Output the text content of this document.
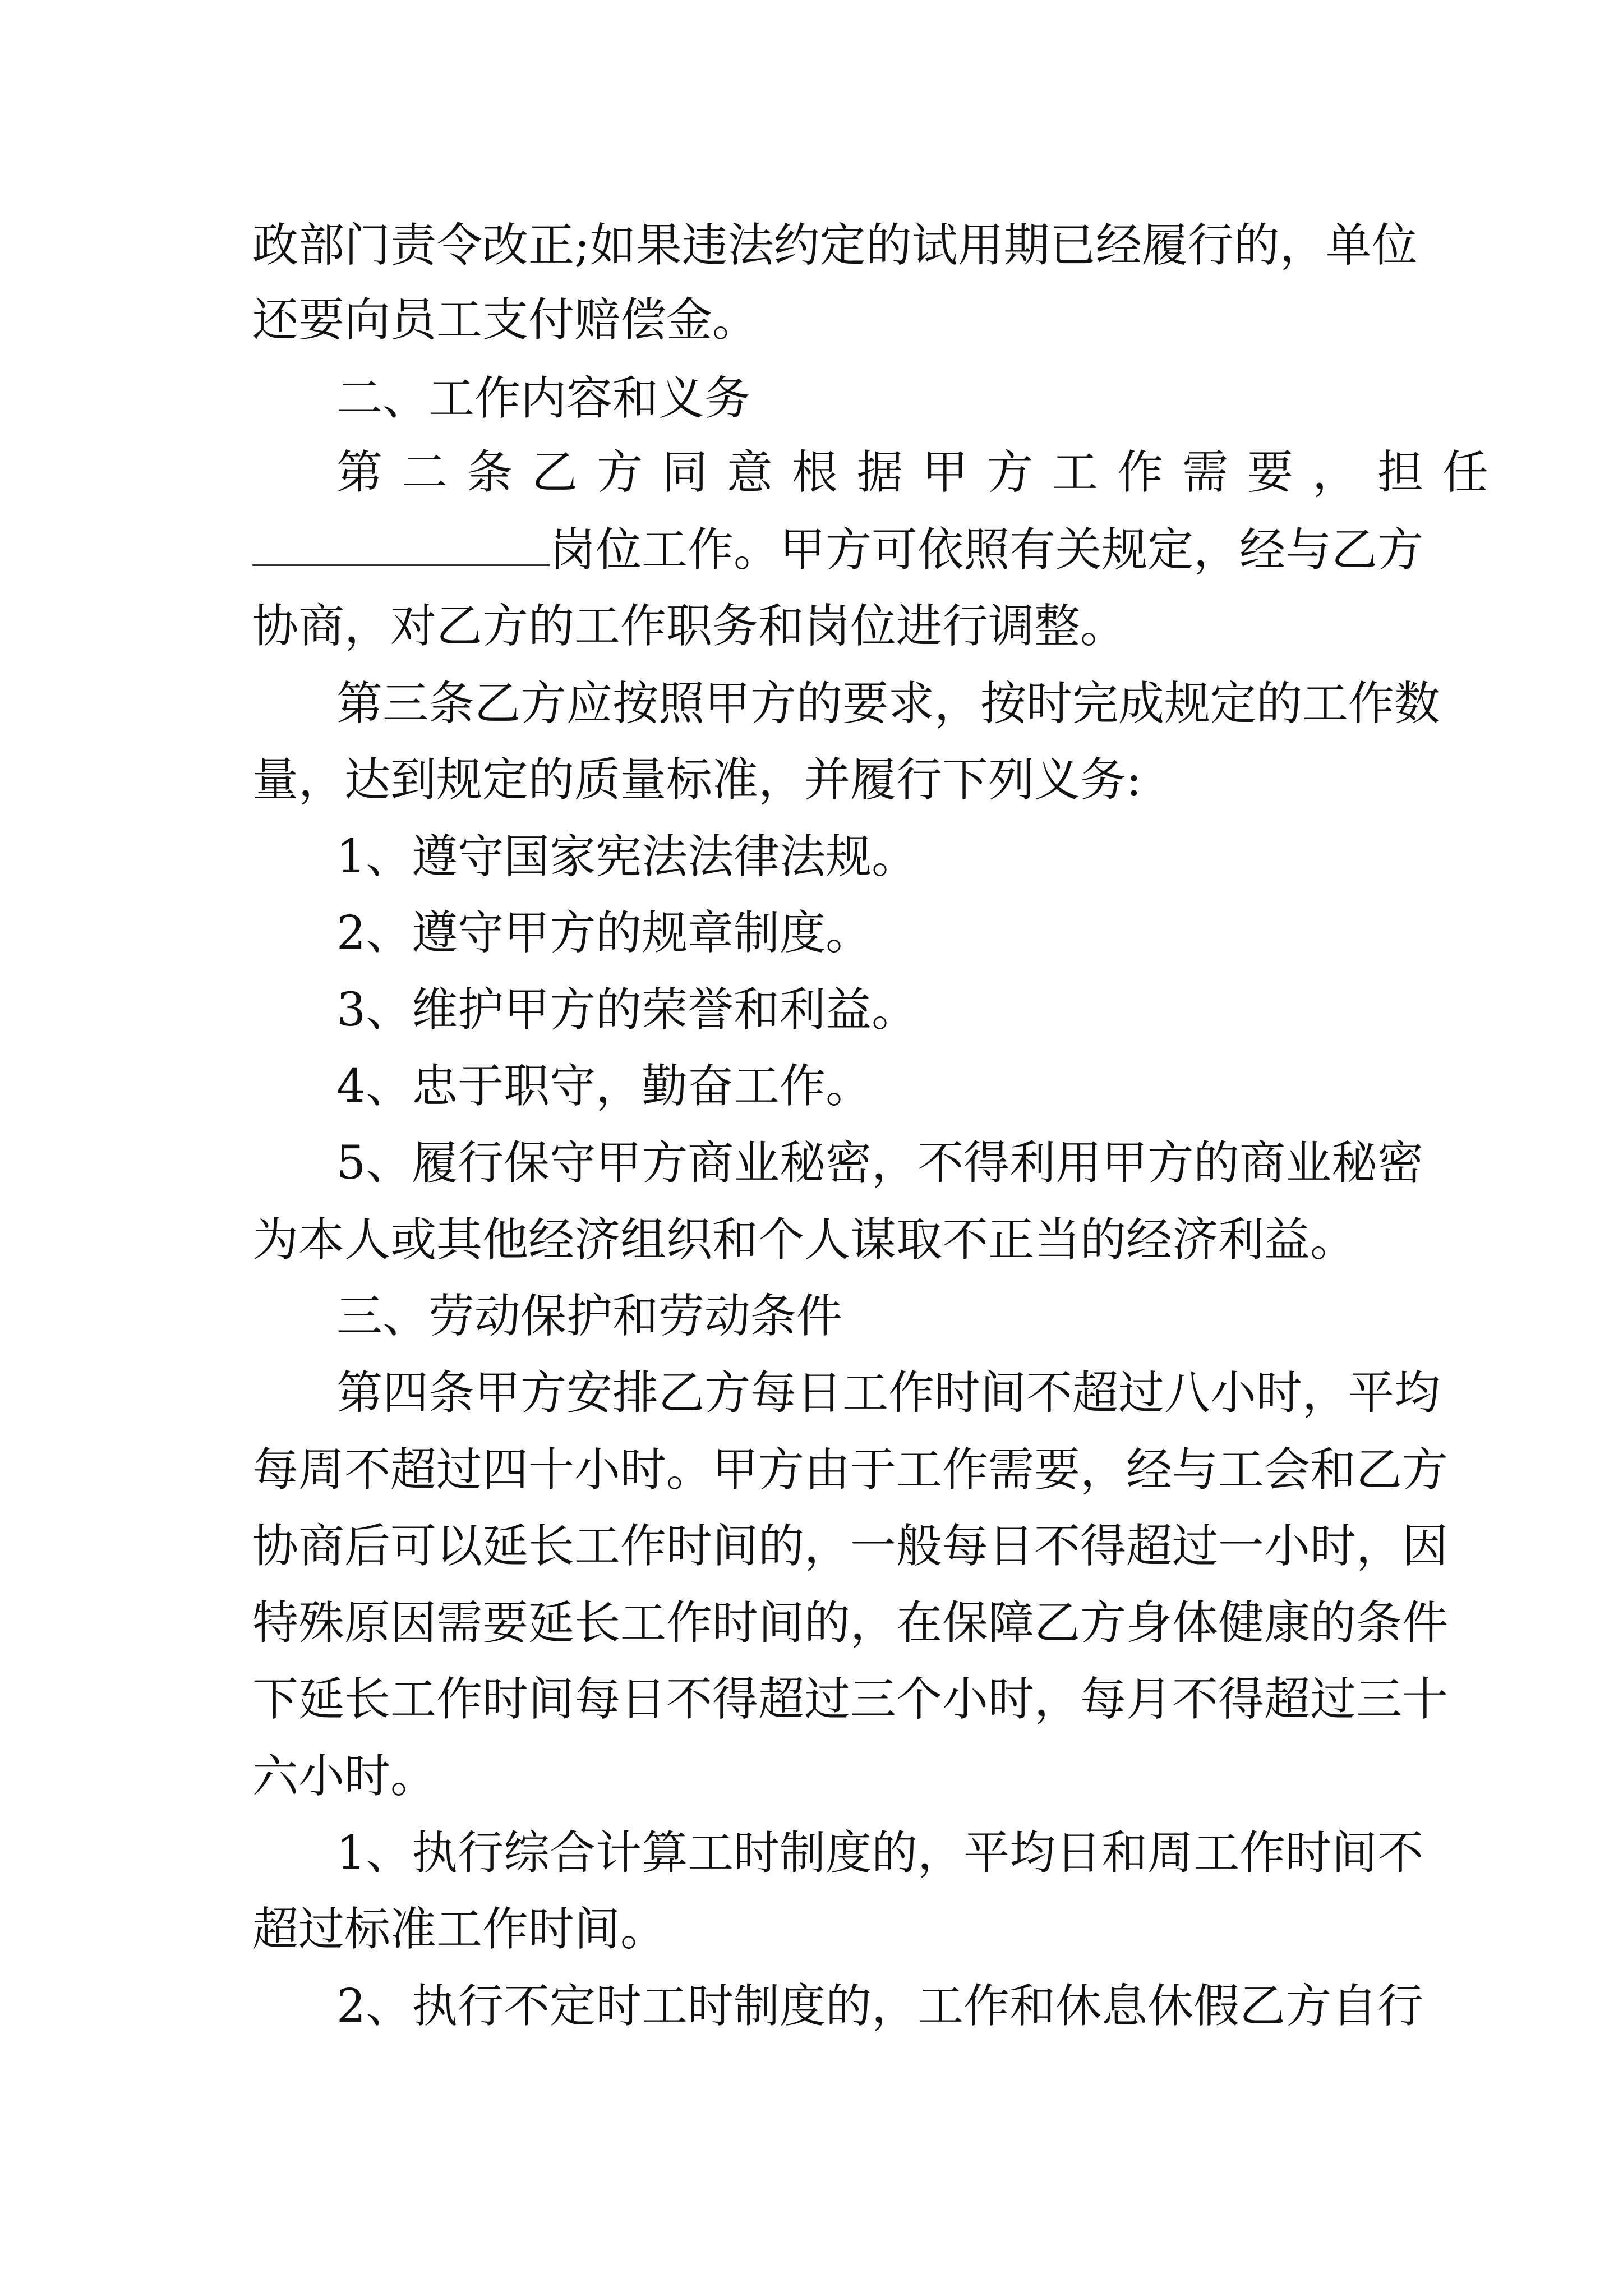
政部门责令改正;如果违法约定的试用期已经履行的，单位
还要向员工支付赔偿金。
二、工作内容和义务
第二条乙方同意根据甲方工作需要，担任
岗位工作。甲方可依照有关规定，经与乙方
协商，对乙方的工作职务和岗位进行调整。
第三条乙方应按照甲方的要求，按时完成规定的工作数
量，达到规定的质量标准，并履行下列义务:
1、遵守国家宪法法律法规。
2、遵守甲方的规章制度。
3、维护甲方的荣誉和利益。
4、忠于职守，勤奋工作。
5、履行保守甲方商业秘密，不得利用甲方的商业秘密
为本人或其他经济组织和个人谋取不正当的经济利益。
三、劳动保护和劳动条件
第四条甲方安排乙方每日工作时间不超过八小时，平均
每周不超过四十小时。甲方由于工作需要，经与工会和乙方
协商后可以延长工作时间的，一般每日不得超过一小时，因
特殊原因需要延长工作时间的，在保障乙方身体健康的条件
下延长工作时间每日不得超过三个小时，每月不得超过三十
六小时。
1、执行综合计算工时制度的，平均日和周工作时间不
超过标准工作时间。
2、执行不定时工时制度的，工作和休息休假乙方自行
